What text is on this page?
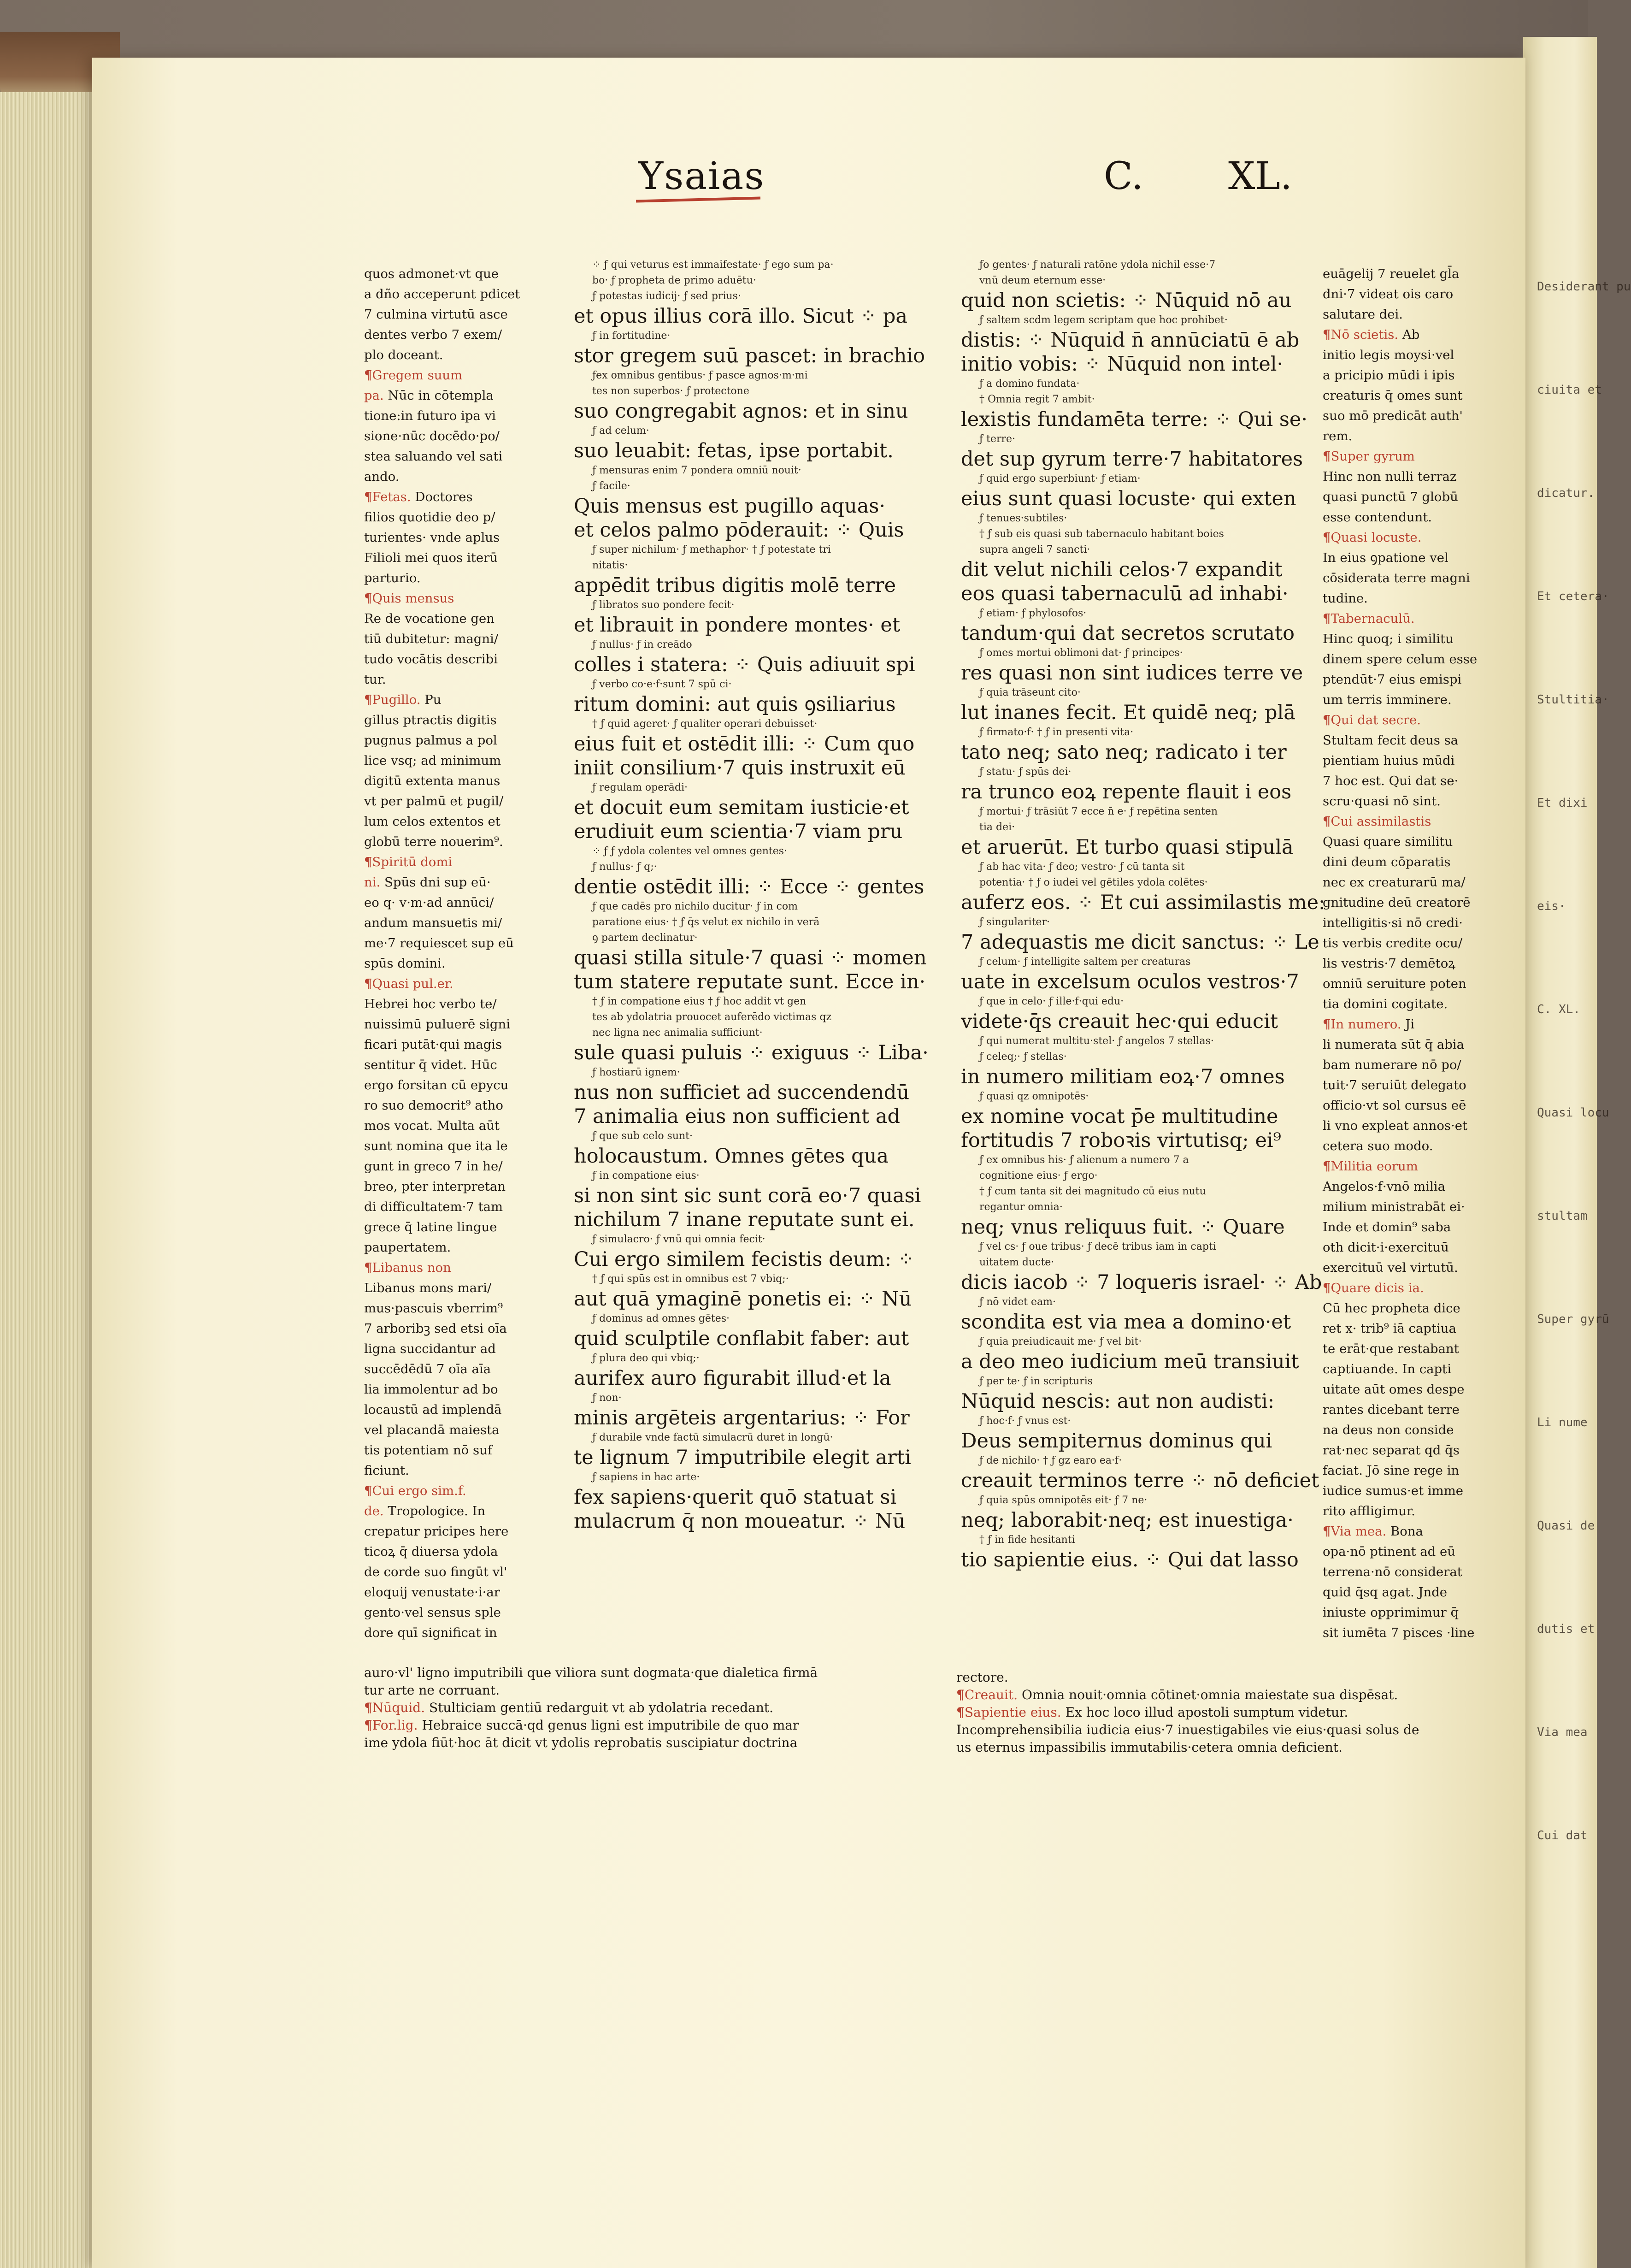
Desiderant pu
ciuita et
dicatur.
Et cetera·
Stultitia·
Et dixi
eis·
C. XL.
Quasi locu
stultam
Super gyrū
Li nume
Quasi de
dutis et
Via mea
Cui dat
Ysaias	C. XL.
quos admonet·vt que
a dño acceperunt pdicet
7 culmina virtutū asce
dentes verbo 7 exem/
plo doceant.
¶Gregem suum
pa. Nūc in cōtempla
tione:in futuro ipa vi
sione·nūc docēdo·po/
stea saluando vel sati
ando.
¶Fetas. Doctores
filios quotidie deo p/
turientes· vnde aplus
Filioli mei quos iterū
parturio.
¶Quis mensus
Re de vocatione gen
tiū dubitetur: magni/
tudo vocātis describi
tur.
¶Pugillo. Pu
gillus ptractis digitis
pugnus palmus a pol
lice vsq; ad minimum
digitū extenta manus
vt per palmū et pugil/
lum celos extentos et
globū terre nouerim⁹.
¶Spiritū domi
ni. Spūs dni sup eū·
eo q· v·m·ad annūci/
andum mansuetis mi/
me·7 requiescet sup eū
spūs domini.
¶Quasi pul.er.
Hebrei hoc verbo te/
nuissimū puluerē signi
ficari putāt·qui magis
sentitur q̄ videt. Hūc
ergo forsitan cū epycu
ro suo democrit⁹ atho
mos vocat. Multa aūt
sunt nomina que ita le
gunt in greco 7 in he/
breo, pter interpretan
di difficultatem·7 tam
grece q̄ latine lingue
paupertatem.
¶Libanus non
Libanus mons mari/
mus·pascuis vberrim⁹
7 arboribꝫ sed etsi oīa
ligna succidantur ad
succēdēdū 7 oīa aīa
lia immolentur ad bo
locaustū ad implendā
vel placandā maiesta
tis potentiam nō suf
ficiunt.
¶Cui ergo sim.f.
de. Tropologice. In
crepatur pricipes here
ticoꝝ q̄ diuersa ydola
de corde suo fingūt vl'
eloquij venustate·i·ar
gento·vel sensus sple
dore quī significat in
⁘ ƒ qui veturus est immaifestate· ƒ ego sum pa·
bo· ƒ propheta de primo aduētu·
ƒ potestas iudicij· ƒ sed prius·
et opus illius corā illo. Sicut ⁘ pa
ƒ in fortitudine·
stor gregem suū pascet: in brachio
ƒex omnibus gentibus· ƒ pasce agnos·m·mi
tes non superbos· ƒ protectone
suo congregabit agnos: et in sinu
ƒ ad celum·
suo leuabit: fetas, ipse portabit.
ƒ mensuras enim 7 pondera omniū nouit·
ƒ facile·
Quis mensus est pugillo aquas·
et celos palmo pōderauit: ⁘ Quis
ƒ super nichilum· ƒ methaphor· † ƒ potestate tri
nitatis·
appēdit tribus digitis molē terre
ƒ libratos suo pondere fecit·
et librauit in pondere montes· et
ƒ nullus· ƒ in creādo
colles i statera: ⁘ Quis adiuuit spi
ƒ verbo co·e·f·sunt 7 spū ci·
ritum domini: aut quis ꝯsiliarius
† ƒ quid ageret· ƒ qualiter operari debuisset·
eius fuit et ostēdit illi: ⁘ Cum quo
iniit consilium·7 quis instruxit eū
ƒ regulam operādi·
et docuit eum semitam iusticie·et
erudiuit eum scientia·7 viam pru
⁘ ƒ ƒ ydola colentes vel omnes gentes·
ƒ nullus· ƒ q;·
dentie ostēdit illi: ⁘ Ecce ⁘ gentes
ƒ que cadēs pro nichilo ducitur· ƒ in com
paratione eius· † ƒ q̄s velut ex nichilo in verā
ꝯ partem declinatur·
quasi stilla situle·7 quasi ⁘ momen
tum statere reputate sunt. Ecce in·
† ƒ in compatione eius † ƒ hoc addit vt gen
tes ab ydolatria prouocet auferēdo victimas qz
nec ligna nec animalia sufficiunt·
sule quasi puluis ⁘ exiguus ⁘ Liba·
ƒ hostiarū ignem·
nus non sufficiet ad succendendū
7 animalia eius non sufficient ad
ƒ que sub celo sunt·
holocaustum. Omnes gētes qua
ƒ in compatione eius·
si non sint sic sunt corā eo·7 quasi
nichilum 7 inane reputate sunt ei.
ƒ simulacro· ƒ vnū qui omnia fecit·
Cui ergo similem fecistis deum: ⁘
† ƒ qui spūs est in omnibus est 7 vbiq;·
aut quā ymaginē ponetis ei: ⁘ Nū
ƒ dominus ad omnes gētes·
quid sculptile conflabit faber: aut
ƒ plura deo qui vbiq;·
aurifex auro figurabit illud·et la
ƒ non·
minis argēteis argentarius: ⁘ For
ƒ durabile vnde factū simulacrū duret in longū·
te lignum 7 imputribile elegit arti
ƒ sapiens in hac arte·
fex sapiens·querit quō statuat si
mulacrum q̄ non moueatur. ⁘ Nū
ƒo gentes· ƒ naturali ratōne ydola nichil esse·7
vnū deum eternum esse·
quid non scietis: ⁘ Nūquid nō au
ƒ saltem scdm legem scriptam que hoc prohibet·
distis: ⁘ Nūquid n̄ annūciatū ē ab
initio vobis: ⁘ Nūquid non intel·
ƒ a domino fundata·
† Omnia regit 7 ambit·
lexistis fundamēta terre: ⁘ Qui se·
ƒ terre·
det sup gyrum terre·7 habitatores
ƒ quid ergo superbiunt· ƒ etiam·
eius sunt quasi locuste· qui exten
ƒ tenues·subtiles·
† ƒ sub eis quasi sub tabernaculo habitant boies
supra angeli 7 sancti·
dit velut nichili celos·7 expandit
eos quasi tabernaculū ad inhabi·
ƒ etiam· ƒ phylosofos·
tandum·qui dat secretos scrutato
ƒ omes mortui oblimoni dat· ƒ principes·
res quasi non sint iudices terre ve
ƒ quia trāseunt cito·
lut inanes fecit. Et quidē neq; plā
ƒ firmato·f· † ƒ in presenti vita·
tato neq; sato neq; radicato i ter
ƒ statu· ƒ spūs dei·
ra trunco eoꝝ repente flauit i eos
ƒ mortui· ƒ trāsiūt 7 ecce n̄ e· ƒ repētina senten
tia dei·
et aruerūt. Et turbo quasi stipulā
ƒ ab hac vita· ƒ deo; vestro· ƒ cū tanta sit
potentia· † ƒ o iudei vel gētiles ydola colētes·
auferz eos. ⁘ Et cui assimilastis me:
ƒ singulariter·
7 adequastis me dicit sanctus: ⁘ Le
ƒ celum· ƒ intelligite saltem per creaturas
uate in excelsum oculos vestros·7
ƒ que in celo· ƒ ille·f·qui edu·
videte·q̄s creauit hec·qui educit
ƒ qui numerat multitu·stel· ƒ angelos 7 stellas·
ƒ celeq;· ƒ stellas·
in numero militiam eoꝝ·7 omnes
ƒ quasi qz omnipotēs·
ex nomine vocat p̄e multitudine
fortitudis 7 roboꝛis virtutisq; ei⁹
ƒ ex omnibus his· ƒ alienum a numero 7 a
cognitione eius· ƒ ergo·
† ƒ cum tanta sit dei magnitudo cū eius nutu
regantur omnia·
neq; vnus reliquus fuit. ⁘ Quare
ƒ vel cs· ƒ oue tribus· ƒ decē tribus iam in capti
uitatem ducte·
dicis iacob ⁘ 7 loqueris israel· ⁘ Ab
ƒ nō videt eam·
scondita est via mea a domino·et
ƒ quia preiudicauit me· ƒ vel bit·
a deo meo iudicium meū transiuit
ƒ per te· ƒ in scripturis
Nūquid nescis: aut non audisti:
ƒ hoc·f· ƒ vnus est·
Deus sempiternus dominus qui
ƒ de nichilo· † ƒ gz earo ea·f·
creauit terminos terre ⁘ nō deficiet
ƒ quia spūs omnipotēs eit· ƒ 7 ne·
neq; laborabit·neq; est inuestiga·
† ƒ in fide hesitanti
tio sapientie eius. ⁘ Qui dat lasso
euāgelij 7 reuelet gl̄a
dni·7 videat ois caro
salutare dei.
¶Nō scietis. Ab
initio legis moysi·vel
a pricipio mūdi i ipis
creaturis q̄ omes sunt
suo mō predicāt auth'
rem.
¶Super gyrum
Hinc non nulli terraz
quasi punctū 7 globū
esse contendunt.
¶Quasi locuste.
In eius ꝯpatione vel
cōsiderata terre magni
tudine.
¶Tabernaculū.
Hinc quoq; i similitu
dinem spere celum esse
ptendūt·7 eius emispi
um terris imminere.
¶Qui dat secre.
Stultam fecit deus sa
pientiam huius mūdi
7 hoc est. Qui dat se·
scru·quasi nō sint.
¶Cui assimilastis
Quasi quare similitu
dini deum cōparatis
nec ex creaturarū ma/
gnitudine deū creatorē
intelligitis·si nō credi·
tis verbis credite ocu/
lis vestris·7 demētoꝝ
omniū seruiture poten
tia domini cogitate.
¶In numero. Ji
li numerata sūt q̄ abia
bam numerare nō po/
tuit·7 seruiūt delegato
officio·vt sol cursus eē
li vno expleat annos·et
cetera suo modo.
¶Militia eorum
Angelos·f·vnō milia
milium ministrabāt ei·
Inde et domin⁹ saba
oth dicit·i·exercituū
exercituū vel virtutū.
¶Quare dicis ia.
Cū hec propheta dice
ret x· trib⁹ iā captiua
te erāt·que restabant
captiuande. In capti
uitate aūt omes despe
rantes dicebant terre
na deus non conside
rat·nec separat qd q̄s
faciat. Jō sine rege in
iudice sumus·et imme
rito affligimur.
¶Via mea. Bona
opa·nō ptinent ad eū
terrena·nō considerat
quid q̄sq agat. Jnde
iniuste opprimimur q̄
sit iumēta 7 pisces ·line
auro·vl' ligno imputribili que viliora sunt dogmata·que dialetica firmā
tur arte ne corruant.
¶Nūquid. Stulticiam gentiū redarguit vt ab ydolatria recedant.
¶For.lig. Hebraice succā·qd genus ligni est imputribile de quo mar
ime ydola fiūt·hoc āt dicit vt ydolis reprobatis suscipiatur doctrina
rectore.
¶Creauit. Omnia nouit·omnia cōtinet·omnia maiestate sua dispēsat.
¶Sapientie eius. Ex hoc loco illud apostoli sumptum videtur.
Incomprehensibilia iudicia eius·7 inuestigabiles vie eius·quasi solus de
us eternus impassibilis immutabilis·cetera omnia deficient.
